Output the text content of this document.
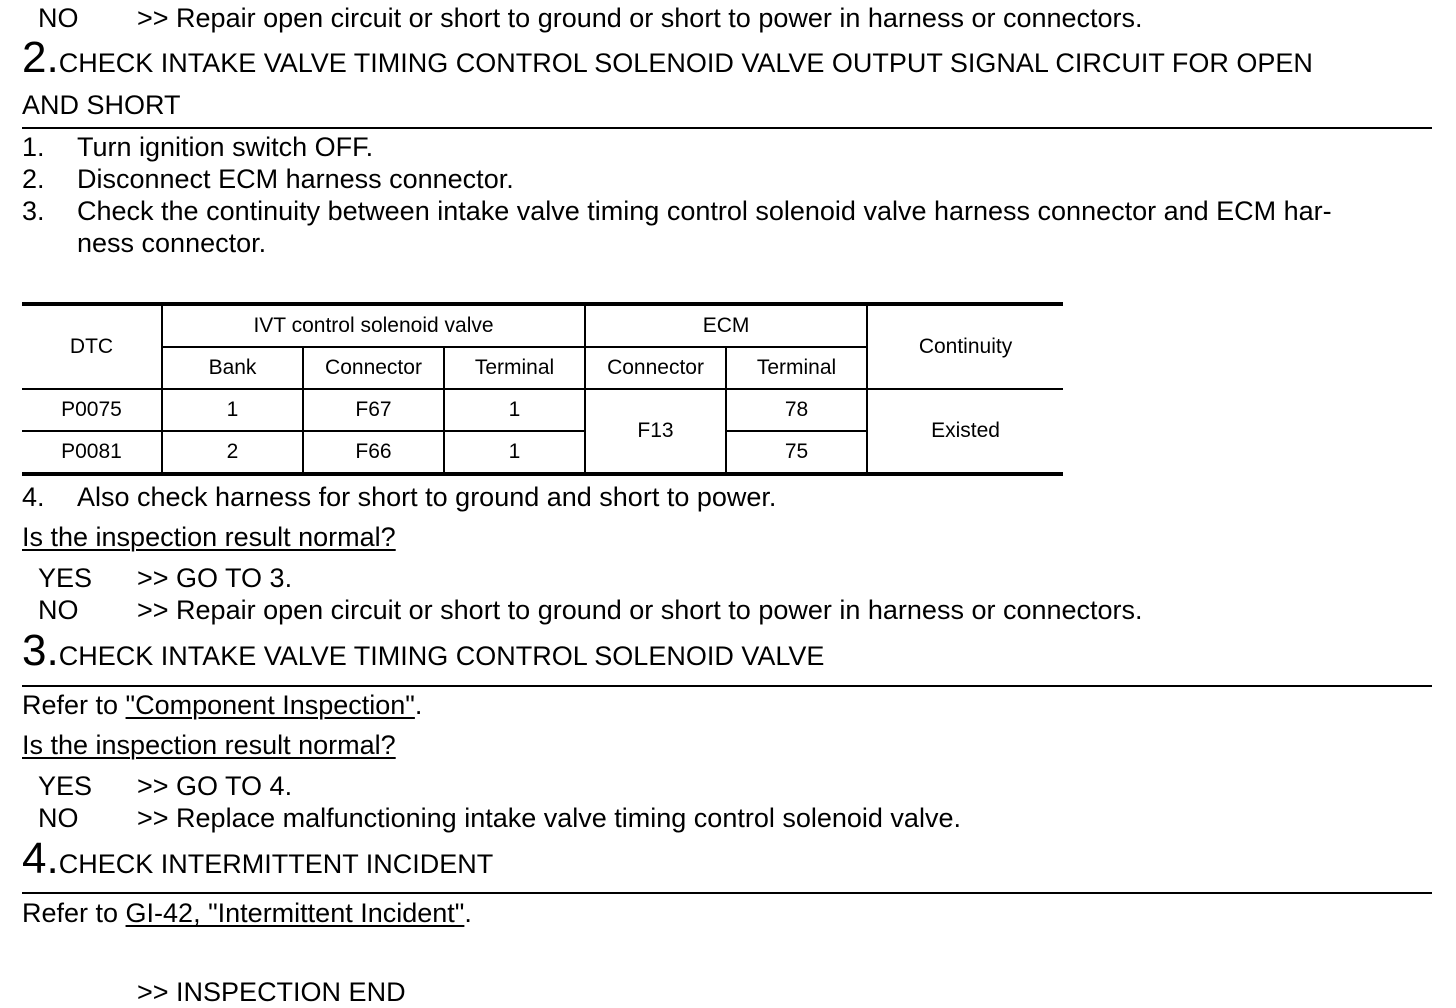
NO >> Repair open circuit or short to ground or short to power in harness or connectors.
2.CHECK INTAKE VALVE TIMING CONTROL SOLENOID VALVE OUTPUT SIGNAL CIRCUIT FOR OPEN
AND SHORT
1. Turn ignition switch OFF.
2. Disconnect ECM harness connector.
3. Check the continuity between intake valve timing control solenoid valve harness connector and ECM har-
ness connector.
DTC	IVT control solenoid valve			ECM		Continuity
	Bank	Connector	Terminal	Connector	Terminal	
P0075	1	F67	1	F13	78	Existed
P0081	2	F66	1		75	
4. Also check harness for short to ground and short to power.
Is the inspection result normal?
YES >> GO TO 3.
NO >> Repair open circuit or short to ground or short to power in harness or connectors.
3.CHECK INTAKE VALVE TIMING CONTROL SOLENOID VALVE
Refer to "Component Inspection".
Is the inspection result normal?
YES >> GO TO 4.
NO >> Replace malfunctioning intake valve timing control solenoid valve.
4.CHECK INTERMITTENT INCIDENT
Refer to GI-42, "Intermittent Incident".
>> INSPECTION END
